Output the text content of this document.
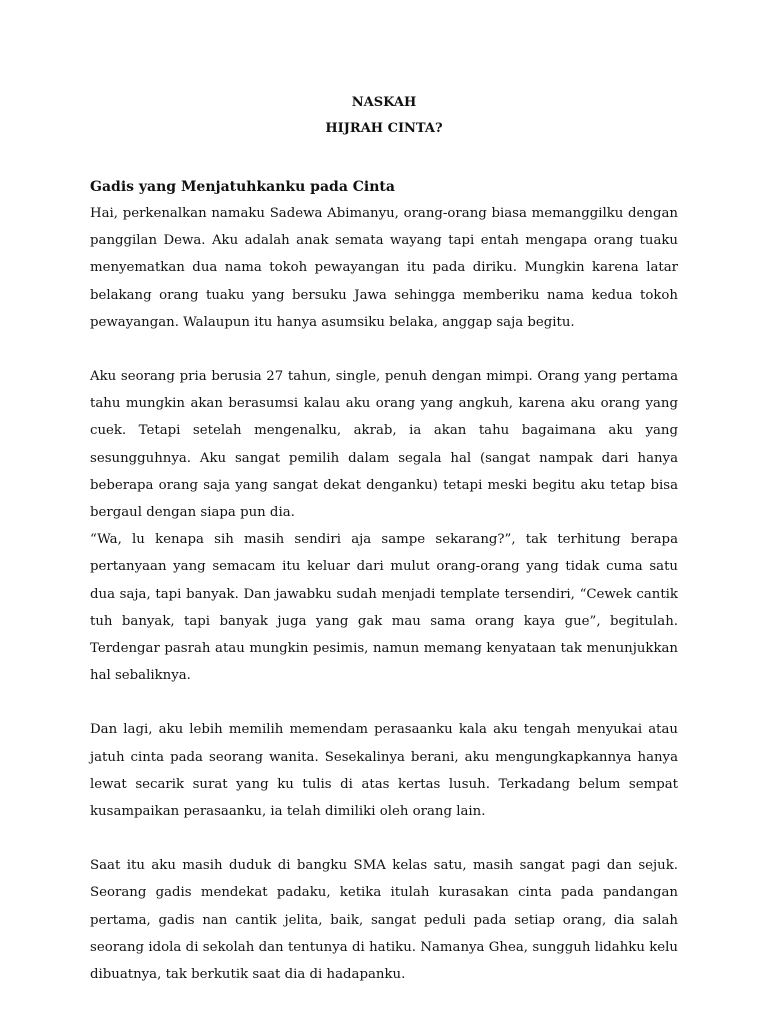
NASKAH

HIJRAH CINTA?

Gadis yang Menjatuhkanku pada Cinta

Hai, perkenalkan namaku Sadewa Abimanyu, orang-orang biasa memanggilku dengan panggilan Dewa. Aku adalah anak semata wayang tapi entah mengapa orang tuaku menyematkan dua nama tokoh pewayangan itu pada diriku. Mungkin karena latar belakang orang tuaku yang bersuku Jawa sehingga memberiku nama kedua tokoh pewayangan. Walaupun itu hanya asumsiku belaka, anggap saja begitu.

Aku seorang pria berusia 27 tahun, single, penuh dengan mimpi. Orang yang pertama tahu mungkin akan berasumsi kalau aku orang yang angkuh, karena aku orang yang cuek. Tetapi setelah mengenalku, akrab, ia akan tahu bagaimana aku yang sesungguhnya. Aku sangat pemilih dalam segala hal (sangat nampak dari hanya beberapa orang saja yang sangat dekat denganku) tetapi meski begitu aku tetap bisa bergaul dengan siapa pun dia.

“Wa, lu kenapa sih masih sendiri aja sampe sekarang?”, tak terhitung berapa pertanyaan yang semacam itu keluar dari mulut orang-orang yang tidak cuma satu dua saja, tapi banyak. Dan jawabku sudah menjadi template tersendiri, “Cewek cantik tuh banyak, tapi banyak juga yang gak mau sama orang kaya gue”, begitulah. Terdengar pasrah atau mungkin pesimis, namun memang kenyataan tak menunjukkan hal sebaliknya.

Dan lagi, aku lebih memilih memendam perasaanku kala aku tengah menyukai atau jatuh cinta pada seorang wanita. Sesekalinya berani, aku mengungkapkannya hanya lewat secarik surat yang ku tulis di atas kertas lusuh. Terkadang belum sempat kusampaikan perasaanku, ia telah dimiliki oleh orang lain.

Saat itu aku masih duduk di bangku SMA kelas satu, masih sangat pagi dan sejuk. Seorang gadis mendekat padaku, ketika itulah kurasakan cinta pada pandangan pertama, gadis nan cantik jelita, baik, sangat peduli pada setiap orang, dia salah seorang idola di sekolah dan tentunya di hatiku. Namanya Ghea, sungguh lidahku kelu dibuatnya, tak berkutik saat dia di hadapanku.
